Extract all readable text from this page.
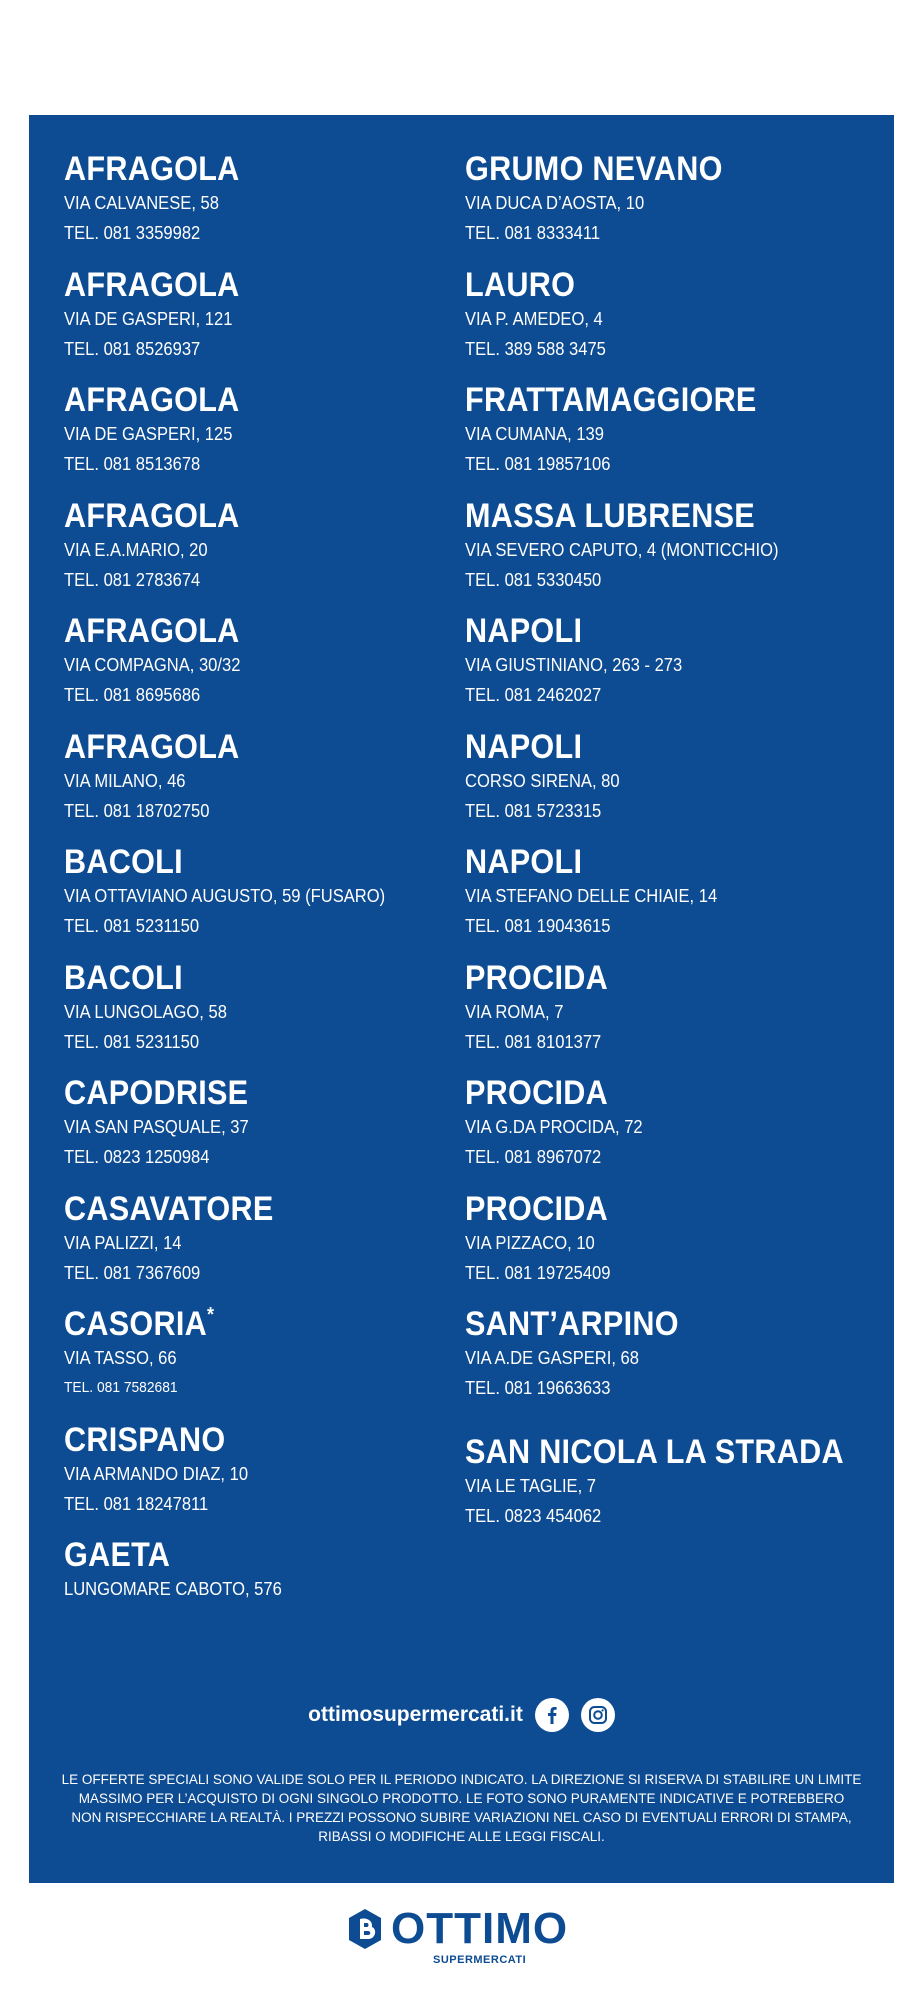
AFRAGOLA
VIA CALVANESE, 58
TEL. 081 3359982
AFRAGOLA
VIA DE GASPERI, 121
TEL. 081 8526937
AFRAGOLA
VIA DE GASPERI, 125
TEL. 081 8513678
AFRAGOLA
VIA E.A.MARIO, 20
TEL. 081 2783674
AFRAGOLA
VIA COMPAGNA, 30/32
TEL. 081 8695686
AFRAGOLA
VIA MILANO, 46
TEL. 081 18702750
BACOLI
VIA OTTAVIANO AUGUSTO, 59 (FUSARO)
TEL. 081 5231150
BACOLI
VIA LUNGOLAGO, 58
TEL. 081 5231150
CAPODRISE
VIA SAN PASQUALE, 37
TEL. 0823 1250984
CASAVATORE
VIA PALIZZI, 14
TEL. 081 7367609
CASORIA*
VIA TASSO, 66
TEL. 081 7582681
CRISPANO
VIA ARMANDO DIAZ, 10
TEL. 081 18247811
GAETA
LUNGOMARE CABOTO, 576
GRUMO NEVANO
VIA DUCA D’AOSTA, 10
TEL. 081 8333411
LAURO
VIA P. AMEDEO, 4
TEL. 389 588 3475
FRATTAMAGGIORE
VIA CUMANA, 139
TEL. 081 19857106
MASSA LUBRENSE
VIA SEVERO CAPUTO, 4 (MONTICCHIO)
TEL. 081 5330450
NAPOLI
VIA GIUSTINIANO, 263 - 273
TEL. 081 2462027
NAPOLI
CORSO SIRENA, 80
TEL. 081 5723315
NAPOLI
VIA STEFANO DELLE CHIAIE, 14
TEL. 081 19043615
PROCIDA
VIA ROMA, 7
TEL. 081 8101377
PROCIDA
VIA G.DA PROCIDA, 72
TEL. 081 8967072
PROCIDA
VIA PIZZACO, 10
TEL. 081 19725409
SANT’ARPINO
VIA A.DE GASPERI, 68
TEL. 081 19663633
SAN NICOLA LA STRADA
VIA LE TAGLIE, 7
TEL. 0823 454062
ottimosupermercati.it
LE OFFERTE SPECIALI SONO VALIDE SOLO PER IL PERIODO INDICATO. LA DIREZIONE SI RISERVA DI STABILIRE UN LIMITE
MASSIMO PER L’ACQUISTO DI OGNI SINGOLO PRODOTTO. LE FOTO SONO PURAMENTE INDICATIVE E POTREBBERO
NON RISPECCHIARE LA REALTÀ. I PREZZI POSSONO SUBIRE VARIAZIONI NEL CASO DI EVENTUALI ERRORI DI STAMPA,
RIBASSI O MODIFICHE ALLE LEGGI FISCALI.
OTTIMO
SUPERMERCATI
